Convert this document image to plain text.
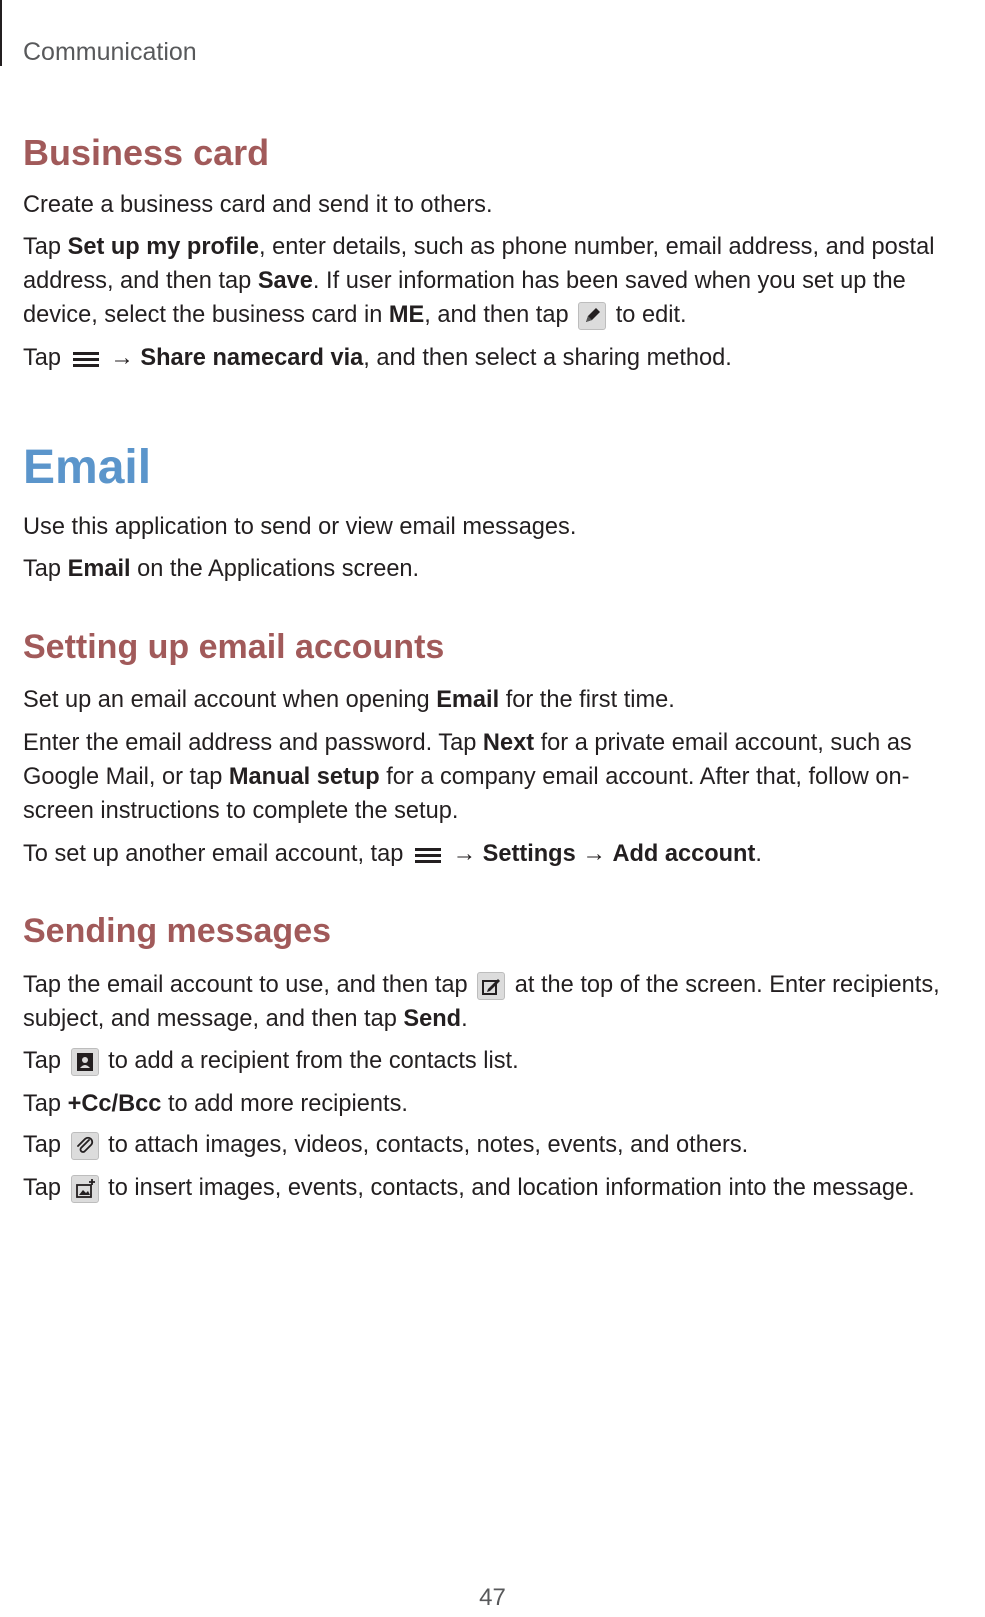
Communication
Business card

Create a business card and send it to others.

Tap Set up my profile, enter details, such as phone number, email address, and postal address, and then tap Save. If user information has been saved when you set up the device, select the business card in ME, and then tap  to edit.

Tap
→ Share namecard via, and then select a sharing method.

Email

Use this application to send or view email messages.

Tap Email on the Applications screen.

Setting up email accounts

Set up an email account when opening Email for the first time.

Enter the email address and password. Tap Next for a private email account, such as Google Mail, or tap Manual setup for a company email account. After that, follow on-screen instructions to complete the setup.

To set up another email account, tap
→ Settings → Add account.

Sending messages

Tap the email account to use, and then tap  at the top of the screen. Enter recipients, subject, and message, and then tap Send.

Tap  to add a recipient from the contacts list.

Tap +Cc/Bcc to add more recipients.

Tap  to attach images, videos, contacts, notes, events, and others.

Tap  to insert images, events, contacts, and location information into the message.

47
